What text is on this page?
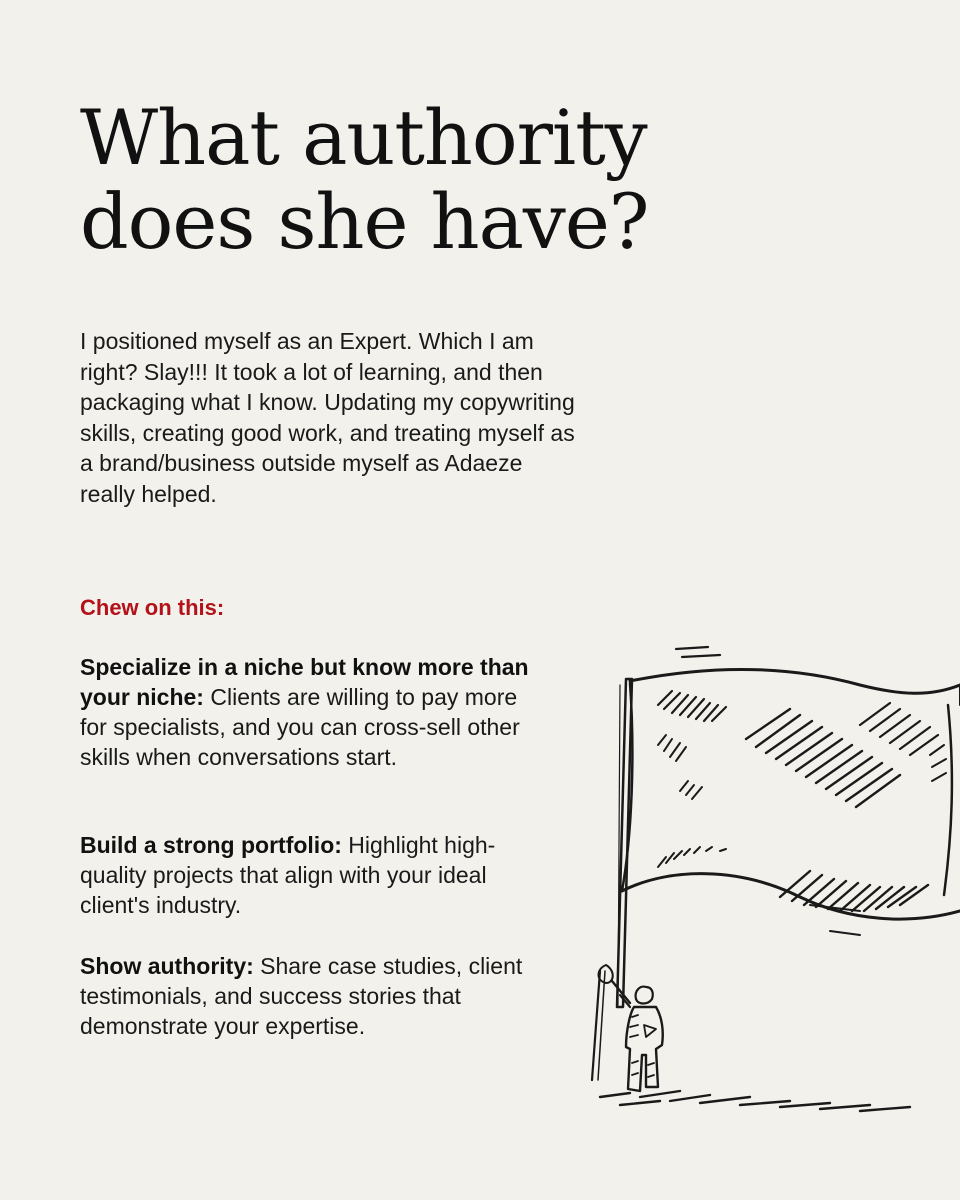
What authority
does she have?

I positioned myself as an Expert. Which I am right? Slay!!! It took a lot of learning, and then packaging what I know. Updating my copywriting skills, creating good work, and treating myself as a brand/business outside myself as Adaeze really helped.

Chew on this:

Specialize in a niche but know more than your niche: Clients are willing to pay more for specialists, and you can cross-sell other skills when conversations start.

Build a strong portfolio: Highlight high-quality projects that align with your ideal client's industry.

Show authority: Share case studies, client testimonials, and success stories that demonstrate your expertise.
